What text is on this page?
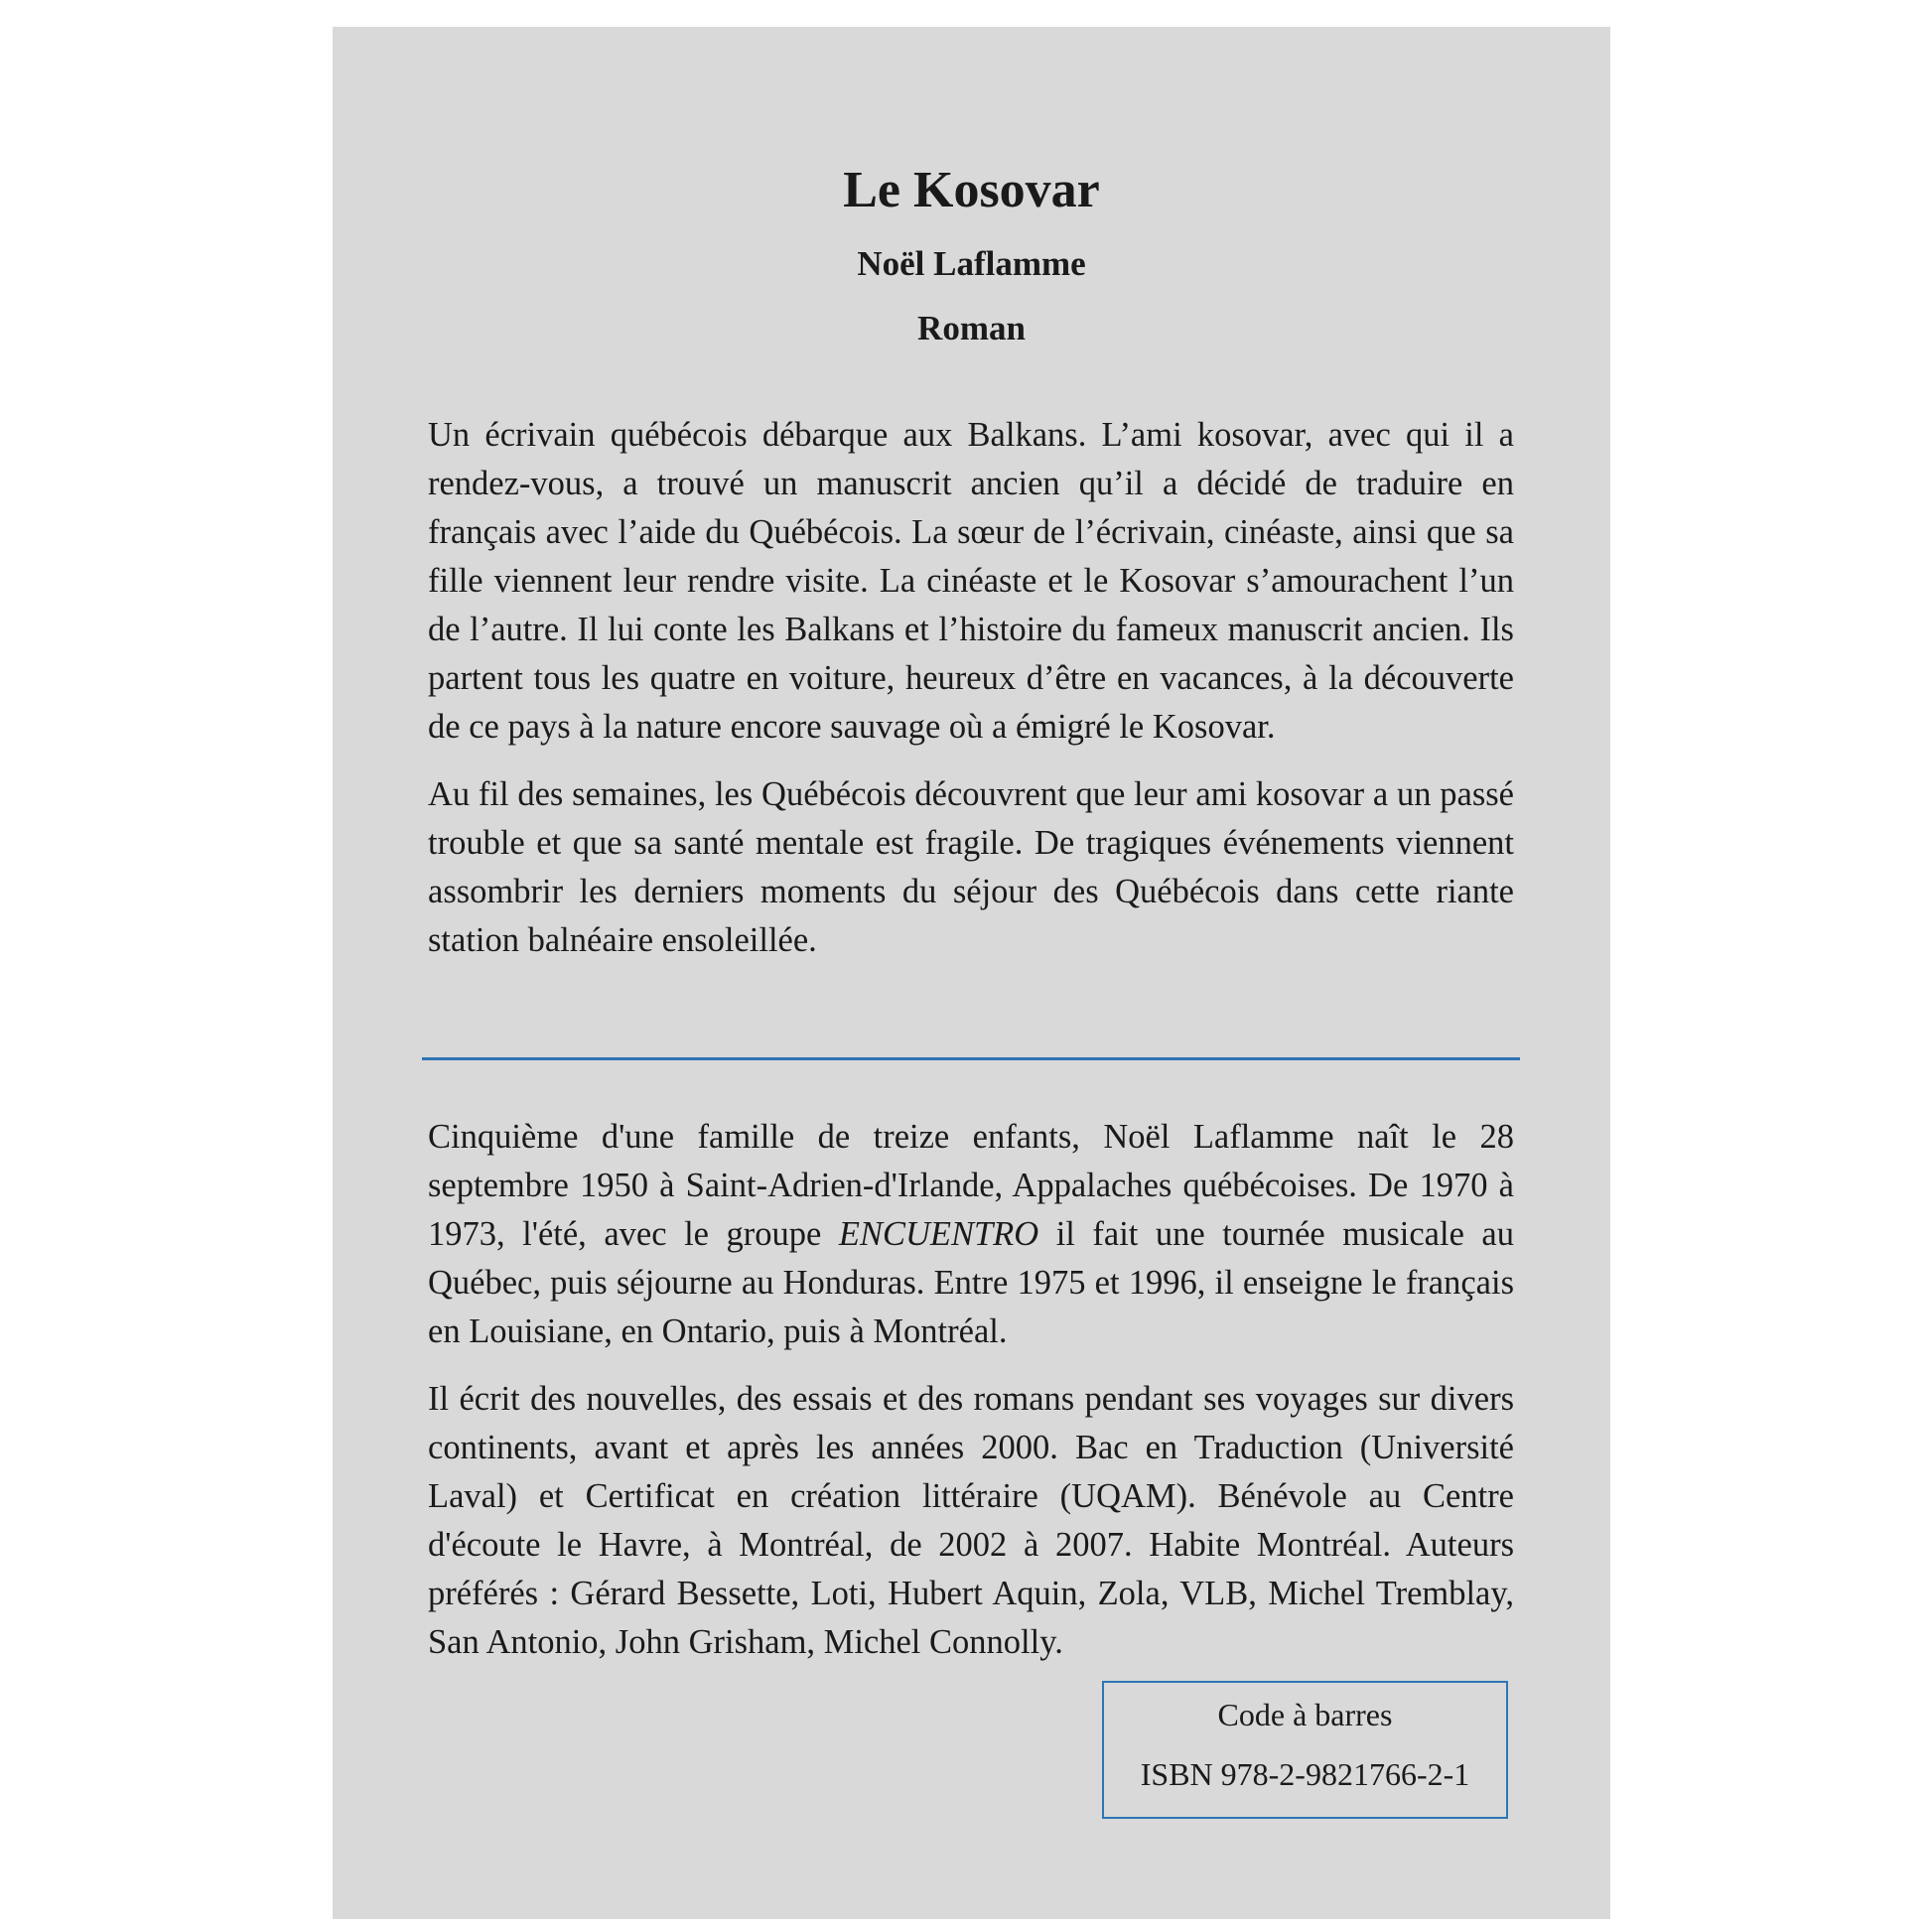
Le Kosovar
Noël Laflamme
Roman

Un écrivain québécois débarque aux Balkans. L’ami kosovar, avec qui il a rendez-vous, a trouvé un manuscrit ancien qu’il a décidé de traduire en français avec l’aide du Québécois. La sœur de l’écrivain, cinéaste, ainsi que sa fille viennent leur rendre visite. La cinéaste et le Kosovar s’amourachent l’un de l’autre. Il lui conte les Balkans et l’histoire du fameux manuscrit ancien. Ils partent tous les quatre en voiture, heureux d’être en vacances, à la découverte de ce pays à la nature encore sauvage où a émigré le Kosovar.

Au fil des semaines, les Québécois découvrent que leur ami kosovar a un passé trouble et que sa santé mentale est fragile. De tragiques événements viennent assombrir les derniers moments du séjour des Québécois dans cette riante station balnéaire ensoleillée.

Cinquième d'une famille de treize enfants, Noël Laflamme naît le 28 septembre 1950 à Saint-Adrien-d'Irlande, Appalaches québécoises. De 1970 à 1973, l'été, avec le groupe ENCUENTRO il fait une tournée musicale au Québec, puis séjourne au Honduras. Entre 1975 et 1996, il enseigne le français en Louisiane, en Ontario, puis à Montréal.

Il écrit des nouvelles, des essais et des romans pendant ses voyages sur divers continents, avant et après les années 2000. Bac en Traduction (Université Laval) et Certificat en création littéraire (UQAM). Bénévole au Centre d'écoute le Havre, à Montréal, de 2002 à 2007. Habite Montréal. Auteurs préférés : Gérard Bessette, Loti, Hubert Aquin, Zola, VLB, Michel Tremblay, San Antonio, John Grisham, Michel Connolly.

Code à barres
ISBN 978-2-9821766-2-1
